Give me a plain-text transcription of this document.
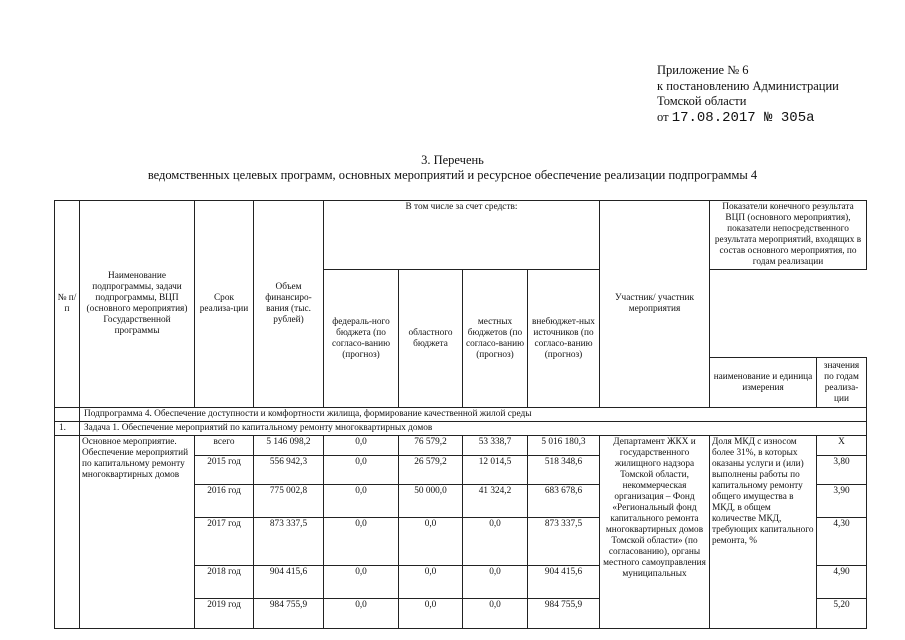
Приложение № 6
к постановлению Администрации
Томской области
от 17.08.2017 № 305а
3. Перечень
ведомственных целевых программ, основных мероприятий и ресурсное обеспечение реализации подпрограммы 4
№ п/п	Наименование подпрограммы, задачи подпрограммы, ВЦП (основного мероприятия) Государственной программы	Срок реализа-ции	Объем финансиро-вания (тыс. рублей)	В том числе за счет средств:				Участник/ участник мероприятия	Показатели конечного результата ВЦП (основного мероприятия), показатели непосредственного результата мероприятий, входящих в состав основного мероприятия, по годам реализации	
				федераль-ного бюджета (по согласо-ванию (прогноз)	областного бюджета	местных бюджетов (по согласо-ванию (прогноз)	внебюджет-ных источников (по согласо-ванию (прогноз)			
									наименование и единица измерения	значения по годам реализа-ции
	Подпрограмма 4. Обеспечение доступности и комфортности жилища, формирование качественной жилой среды									
1.	Задача 1. Обеспечение мероприятий по капитальному ремонту многоквартирных домов									
	Основное мероприятие. Обеспечение мероприятий по капитальному ремонту многоквартирных домов	всего	5 146 098,2	0,0	76 579,2	53 338,7	5 016 180,3	Департамент ЖКХ и государственного жилищного надзора Томской области, некоммерческая организация – Фонд «Региональный фонд капитального ремонта многоквартирных домов Томской области» (по согласованию), органы местного самоуправления муниципальных	Доля МКД с износом более 31%, в которых оказаны услуги и (или) выполнены работы по капитальному ремонту общего имущества в МКД, в общем количестве МКД, требующих капитального ремонта, %	Х
		2015 год	556 942,3	0,0	26 579,2	12 014,5	518 348,6			3,80
		2016 год	775 002,8	0,0	50 000,0	41 324,2	683 678,6			3,90
		2017 год	873 337,5	0,0	0,0	0,0	873 337,5			4,30
		2018 год	904 415,6	0,0	0,0	0,0	904 415,6			4,90
		2019 год	984 755,9	0,0	0,0	0,0	984 755,9			5,20
